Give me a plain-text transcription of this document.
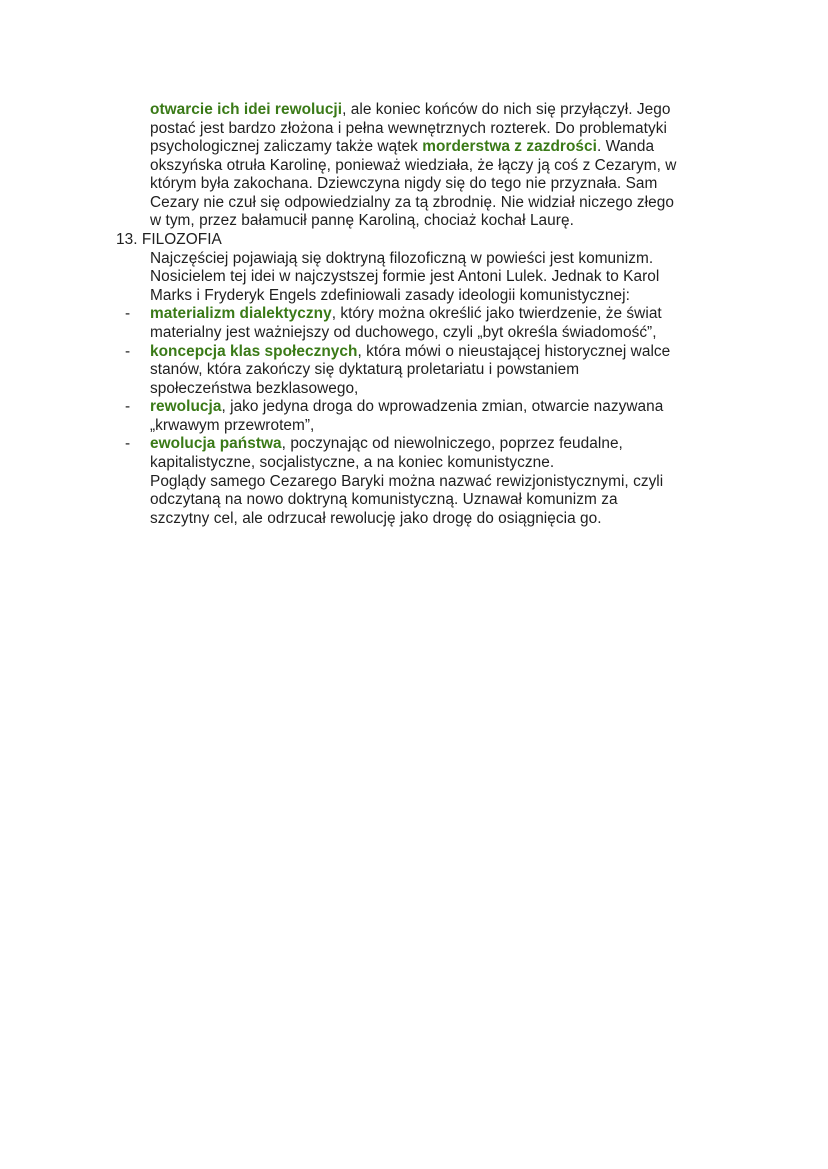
otwarcie ich idei rewolucji, ale koniec końców do nich się przyłączył. Jego
postać jest bardzo złożona i pełna wewnętrznych rozterek. Do problematyki
psychologicznej zaliczamy także wątek morderstwa z zazdrości. Wanda
okszyńska otruła Karolinę, ponieważ wiedziała, że łączy ją coś z Cezarym, w
którym była zakochana. Dziewczyna nigdy się do tego nie przyznała. Sam
Cezary nie czuł się odpowiedzialny za tą zbrodnię. Nie widział niczego złego
w tym, przez bałamucił pannę Karoliną, chociaż kochał Laurę.
13. FILOZOFIA
Najczęściej pojawiają się doktryną filozoficzną w powieści jest komunizm.
Nosicielem tej idei w najczystszej formie jest Antoni Lulek. Jednak to Karol
Marks i Fryderyk Engels zdefiniowali zasady ideologii komunistycznej:
- materializm dialektyczny, który można określić jako twierdzenie, że świat
materialny jest ważniejszy od duchowego, czyli „byt określa świadomość”,
- koncepcja klas społecznych, która mówi o nieustającej historycznej walce
stanów, która zakończy się dyktaturą proletariatu i powstaniem
społeczeństwa bezklasowego,
- rewolucja, jako jedyna droga do wprowadzenia zmian, otwarcie nazywana
„krwawym przewrotem”,
- ewolucja państwa, poczynając od niewolniczego, poprzez feudalne,
kapitalistyczne, socjalistyczne, a na koniec komunistyczne.
Poglądy samego Cezarego Baryki można nazwać rewizjonistycznymi, czyli
odczytaną na nowo doktryną komunistyczną. Uznawał komunizm za
szczytny cel, ale odrzucał rewolucję jako drogę do osiągnięcia go.
